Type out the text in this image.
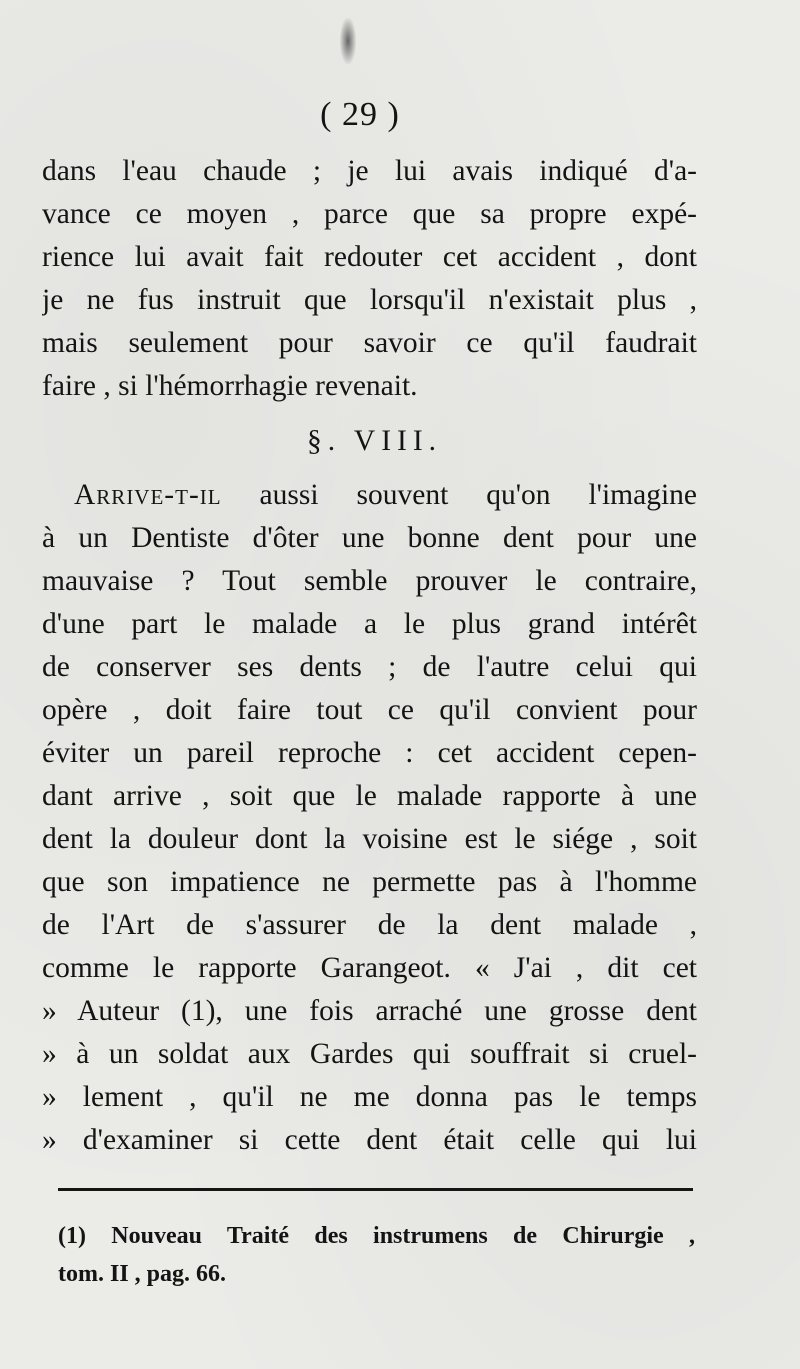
( 29 )
dans l'eau chaude ; je lui avais indiqué d'a-
vance ce moyen , parce que sa propre expé-
rience lui avait fait redouter cet accident , dont
je ne fus instruit que lorsqu'il n'existait plus ,
mais seulement pour savoir ce qu'il faudrait
faire , si l'hémorrhagie revenait.
§. VIII.
Arrive-t-il aussi souvent qu'on l'imagine
à un Dentiste d'ôter une bonne dent pour une
mauvaise ? Tout semble prouver le contraire,
d'une part le malade a le plus grand intérêt
de conserver ses dents ; de l'autre celui qui
opère , doit faire tout ce qu'il convient pour
éviter un pareil reproche : cet accident cepen-
dant arrive , soit que le malade rapporte à une
dent la douleur dont la voisine est le siége , soit
que son impatience ne permette pas à l'homme
de l'Art de s'assurer de la dent malade ,
comme le rapporte Garangeot. « J'ai , dit cet
» Auteur (1), une fois arraché une grosse dent
» à un soldat aux Gardes qui souffrait si cruel-
» lement , qu'il ne me donna pas le temps
» d'examiner si cette dent était celle qui lui
(1) Nouveau Traité des instrumens de Chirurgie ,
tom. II , pag. 66.
